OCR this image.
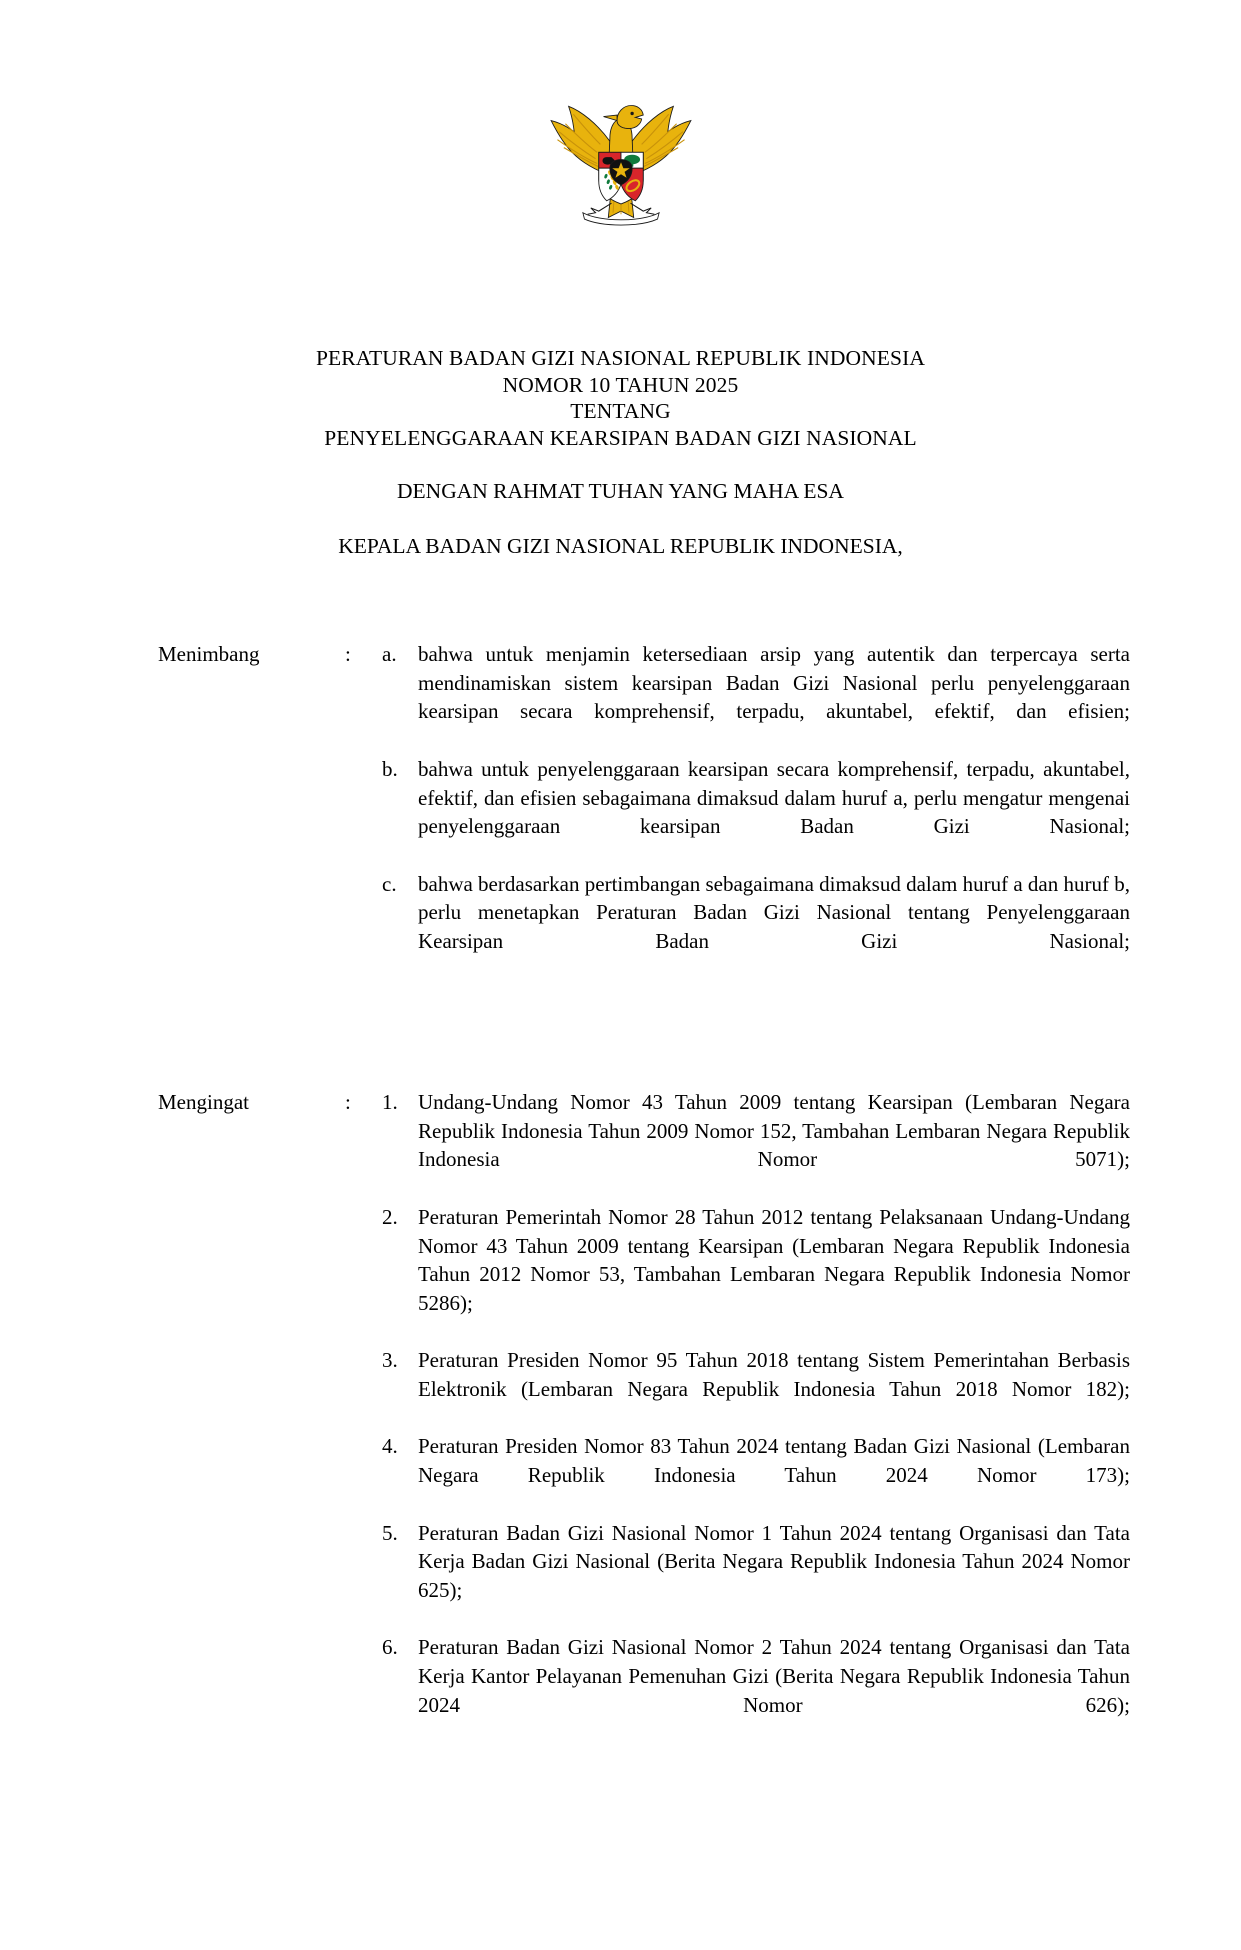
PERATURAN BADAN GIZI NASIONAL REPUBLIK INDONESIA
NOMOR 10 TAHUN 2025
TENTANG
PENYELENGGARAAN KEARSIPAN BADAN GIZI NASIONAL
DENGAN RAHMAT TUHAN YANG MAHA ESA
KEPALA BADAN GIZI NASIONAL REPUBLIK INDONESIA,
Menimbang	:	a.	bahwa untuk menjamin ketersediaan arsip yang autentik dan terpercaya serta mendinamiskan sistem kearsipan Badan Gizi Nasional perlu penyelenggaraan kearsipan secara komprehensif, terpadu, akuntabel, efektif, dan efisien;
b. bahwa untuk penyelenggaraan kearsipan secara komprehensif, terpadu, akuntabel, efektif, dan efisien sebagaimana dimaksud dalam huruf a, perlu mengatur mengenai penyelenggaraan kearsipan Badan Gizi Nasional;
c.	bahwa berdasarkan pertimbangan sebagaimana dimaksud dalam huruf a dan huruf b, perlu menetapkan Peraturan Badan Gizi Nasional tentang Penyelenggaraan Kearsipan Badan Gizi Nasional;
Mengingat	:	1. Undang-Undang Nomor 43 Tahun 2009 tentang Kearsipan (Lembaran Negara Republik Indonesia Tahun 2009 Nomor 152, Tambahan Lembaran Negara Republik Indonesia Nomor 5071);
2. Peraturan Pemerintah Nomor 28 Tahun 2012 tentang Pelaksanaan Undang-Undang Nomor 43 Tahun 2009 tentang Kearsipan (Lembaran Negara Republik Indonesia Tahun 2012 Nomor 53, Tambahan Lembaran Negara Republik Indonesia Nomor 5286);
3. Peraturan Presiden Nomor 95 Tahun 2018 tentang Sistem Pemerintahan Berbasis Elektronik (Lembaran Negara Republik Indonesia Tahun 2018 Nomor 182);
4. Peraturan Presiden Nomor 83 Tahun 2024 tentang Badan Gizi Nasional (Lembaran Negara Republik Indonesia Tahun 2024 Nomor 173);
5. Peraturan Badan Gizi Nasional Nomor 1 Tahun 2024 tentang Organisasi dan Tata Kerja Badan Gizi Nasional (Berita Negara Republik Indonesia Tahun 2024 Nomor 625);
6. Peraturan Badan Gizi Nasional Nomor 2 Tahun 2024 tentang Organisasi dan Tata Kerja Kantor Pelayanan Pemenuhan Gizi (Berita Negara Republik Indonesia Tahun 2024 Nomor 626);
